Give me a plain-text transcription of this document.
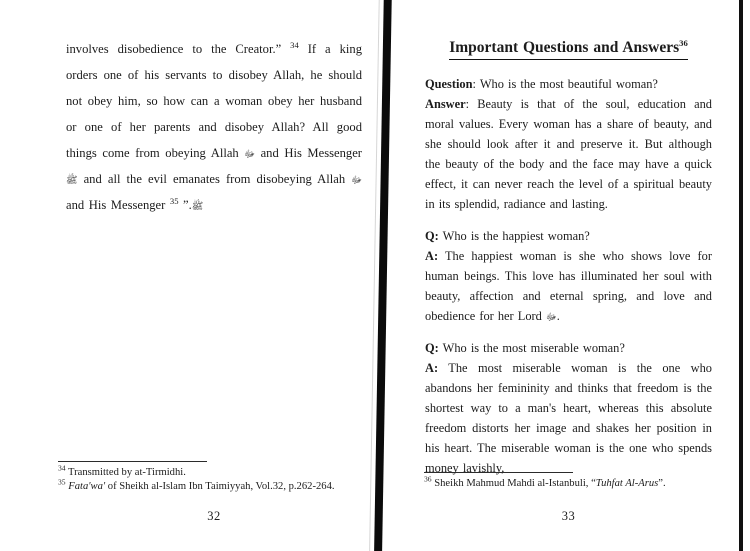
involves disobedience to the Creator.” $^{34}$ If a king orders one of his servants to disobey Allah, he should not obey him, so how can a woman obey her husband or one of her parents and disobey Allah? All good things come from obeying Allah ﷻ and His Messenger ﷺ and all the evil emanates from disobeying Allah ﷻ and His Messenger ﷺ.” $^{35}$

$^{34}$ Transmitted by at-Tirmidhi.
$^{35}$ Fata'wa' of Sheikh al-Islam Ibn Taimiyyah, Vol.32, p.262-264.
32
Important Questions and Answers$^{36}$

Question: Who is the most beautiful woman?
Answer: Beauty is that of the soul, education and moral values. Every woman has a share of beauty, and she should look after it and preserve it. But although the beauty of the body and the face may have a quick effect, it can never reach the level of a spiritual beauty in its splendid, radiance and lasting.

Q: Who is the happiest woman?
A: The happiest woman is she who shows love for human beings. This love has illuminated her soul with beauty, affection and eternal spring, and love and obedience for her Lord ﷻ.

Q: Who is the most miserable woman?
A: The most miserable woman is the one who abandons her femininity and thinks that freedom is the shortest way to a man's heart, whereas this absolute freedom distorts her image and shakes her position in his heart. The miserable woman is the one who spends money lavishly,

$^{36}$ Sheikh Mahmud Mahdi al-Istanbuli, “Tuhfat Al-Arus”.
33
